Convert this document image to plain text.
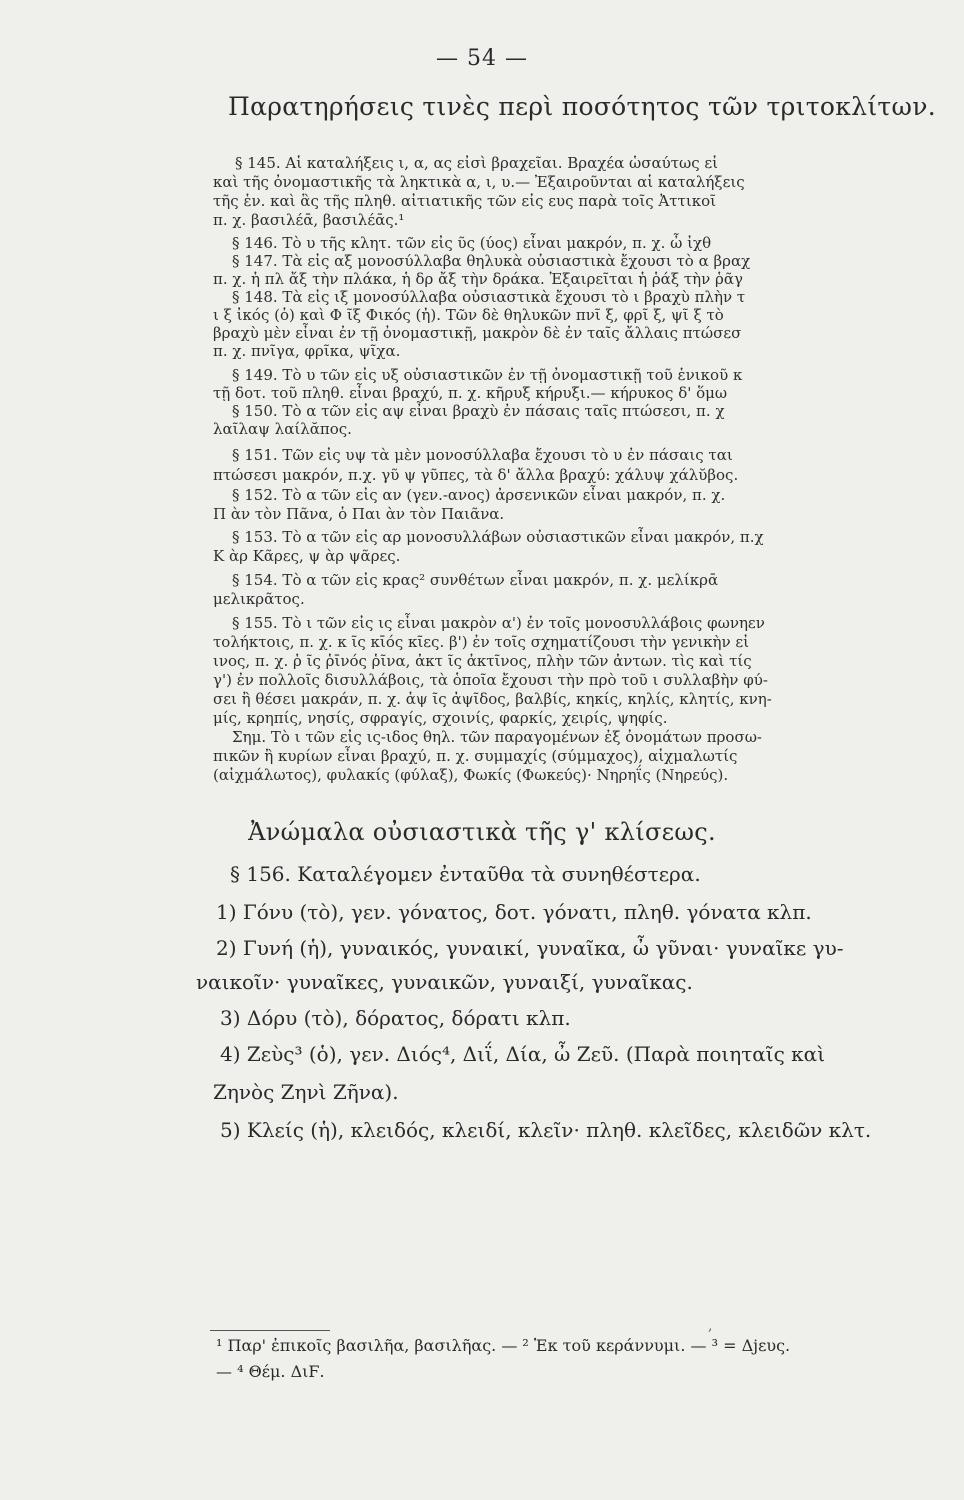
— 54 —
Παρατηρήσεις τινὲς περὶ ποσότητος τῶν τριτοκλίτων.
§ 145. Αἱ καταλήξεις ι, α, ας εἰσὶ βραχεῖαι. Βραχέα ὡσαύτως εἰ
καὶ τῆς ὀνομαστικῆς τὰ ληκτικὰ α, ι, υ.— Ἐξαιροῦνται αἱ καταλήξεις
τῆς ἑν. καὶ ἃς τῆς πληθ. αἰτιατικῆς τῶν εἰς ευς παρὰ τοῖς Ἀττικοῖ
π. χ. βασιλέᾱ, βασιλέᾱς.¹
§ 146. Τὸ υ τῆς κλητ. τῶν εἰς ῦς (ύος) εἶναι μακρόν, π. χ. ὦ ἰχθ
§ 147. Τὰ εἰς αξ μονοσύλλαβα θηλυκὰ οὐσιαστικὰ ἔχουσι τὸ α βραχ
π. χ. ἡ πλ ἄξ τὴν πλάκα, ἡ δρ ἄξ τὴν δράκα. Ἐξαιρεῖται ἡ ῥάξ τὴν ῥᾶγ
§ 148. Τὰ εἰς ιξ μονοσύλλαβα οὐσιαστικὰ ἔχουσι τὸ ι βραχὺ πλὴν τ
ι ξ ἰκός (ὁ) καὶ Φ ῖξ Φικός (ἡ). Τῶν δὲ θηλυκῶν πνῖ ξ, φρῖ ξ, ψῖ ξ τὸ
βραχὺ μὲν εἶναι ἐν τῇ ὀνομαστικῇ, μακρὸν δὲ ἐν ταῖς ἄλλαις πτώσεσ
π. χ. πνῖγα, φρῖκα, ψῖχα.
§ 149. Τὸ υ τῶν εἰς υξ οὐσιαστικῶν ἐν τῇ ὀνομαστικῇ τοῦ ἑνικοῦ κ
τῇ δοτ. τοῦ πληθ. εἶναι βραχύ, π. χ. κῆρυξ κήρυξι.— κήρυκος δ' ὅμω
§ 150. Τὸ α τῶν εἰς αψ εἶναι βραχὺ ἐν πάσαις ταῖς πτώσεσι, π. χ
λαῖλαψ λαίλᾰπος.
§ 151. Τῶν εἰς υψ τὰ μὲν μονοσύλλαβα ἔχουσι τὸ υ ἐν πάσαις ται
πτώσεσι μακρόν, π.χ. γῦ ψ γῦπες, τὰ δ' ἄλλα βραχύ: χάλυψ χάλῠβος.
§ 152. Τὸ α τῶν εἰς αν (γεν.-ανος) ἀρσενικῶν εἶναι μακρόν, π. χ.
Π ὰν τὸν Πᾶνα, ὁ Παι ὰν τὸν Παιᾶνα.
§ 153. Τὸ α τῶν εἰς αρ μονοσυλλάβων οὐσιαστικῶν εἶναι μακρόν, π.χ
Κ ὰρ Κᾶρες, ψ ὰρ ψᾶρες.
§ 154. Τὸ α τῶν εἰς κρας² συνθέτων εἶναι μακρόν, π. χ. μελίκρᾱ
μελικρᾶτος.
§ 155. Τὸ ι τῶν εἰς ις εἶναι μακρὸν α') ἐν τοῖς μονοσυλλάβοις φωνηεν
τολήκτοις, π. χ. κ ῖς κῑός κῖες. β') ἐν τοῖς σχηματίζουσι τὴν γενικὴν εἰ
ινος, π. χ. ῥ ῖς ῥῑνός ῥῖνα, ἀκτ ῖς ἀκτῖνος, πλὴν τῶν ἀντων. τὶς καὶ τίς
γ') ἐν πολλοῖς δισυλλάβοις, τὰ ὁποῖα ἔχουσι τὴν πρὸ τοῦ ι συλλαβὴν φύ-
σει ἢ θέσει μακράν, π. χ. ἀψ ῖς ἀψῖδος, βαλβίς, κηκίς, κηλίς, κλητίς, κνη-
μίς, κρηπίς, νησίς, σφραγίς, σχοινίς, φαρκίς, χειρίς, ψηφίς.
Σημ. Τὸ ι τῶν εἰς ις-ιδος θηλ. τῶν παραγομένων ἐξ ὀνομάτων προσω-
πικῶν ἢ κυρίων εἶναι βραχύ, π. χ. συμμαχίς (σύμμαχος), αἰχμαλωτίς
(αἰχμάλωτος), φυλακίς (φύλαξ), Φωκίς (Φωκεύς)· Νηρηΐς (Νηρεύς).
Ἀνώμαλα οὐσιαστικὰ τῆς γ' κλίσεως.
§ 156. Καταλέγομεν ἐνταῦθα τὰ συνηθέστερα.
1) Γόνυ (τὸ), γεν. γόνατος, δοτ. γόνατι, πληθ. γόνατα κλπ.
2) Γυνή (ἡ), γυναικός, γυναικί, γυναῖκα, ὦ γῦναι· γυναῖκε γυ-
ναικοῖν· γυναῖκες, γυναικῶν, γυναιξί, γυναῖκας.
3) Δόρυ (τὸ), δόρατος, δόρατι κλπ.
4) Ζεὺς³ (ὁ), γεν. Διός⁴, Διΐ, Δία, ὦ Ζεῦ. (Παρὰ ποιηταῖς καὶ
Ζηνὸς Ζηνὶ Ζῆνα).
5) Κλείς (ἡ), κλειδός, κλειδί, κλεῖν· πληθ. κλεῖδες, κλειδῶν κλτ.
,
¹ Παρ' ἐπικοῖς βασιλῆα, βασιλῆας. — ² Ἐκ τοῦ κεράννυμι. — ³ = Δjευς.
— ⁴ Θέμ. ΔιϜ.
